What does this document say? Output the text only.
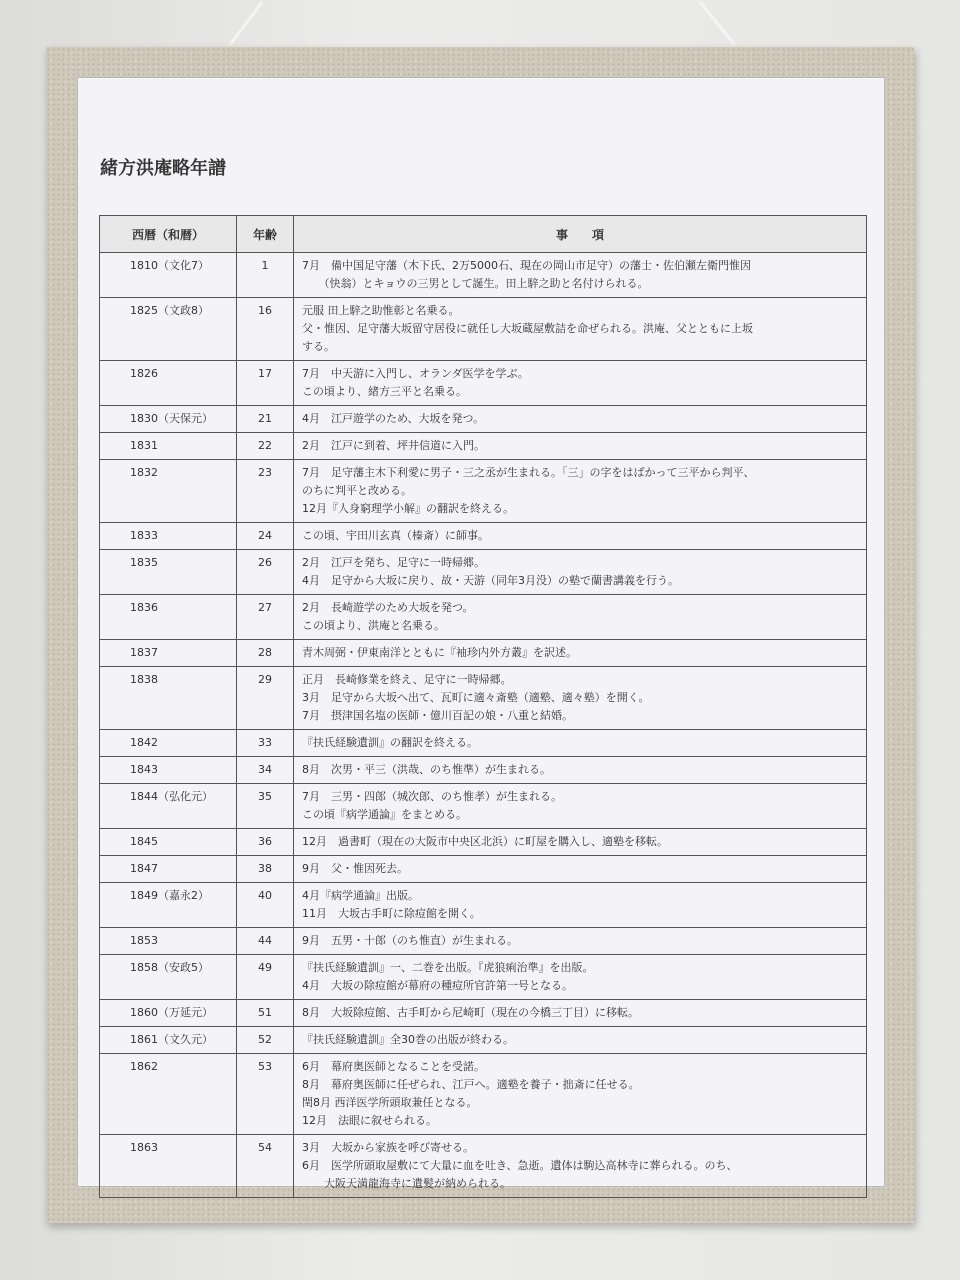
緒方洪庵略年譜
西暦（和暦）	年齢	事　　項
1810（文化7）	1	7月　備中国足守藩（木下氏、2万5000石、現在の岡山市足守）の藩士・佐伯瀬左衛門惟因
　　（快翁）とキョウの三男として誕生。田上騂之助と名付けられる。

1825（文政8）	16	元服 田上騂之助惟彰と名乗る。
父・惟因、足守藩大坂留守居役に就任し大坂蔵屋敷詰を命ぜられる。洪庵、父とともに上坂
する。

1826	17	7月　中天游に入門し、オランダ医学を学ぶ。
この頃より、緒方三平と名乗る。

1830（天保元）	21	4月　江戸遊学のため、大坂を発つ。

1831	22	2月　江戸に到着、坪井信道に入門。

1832	23	7月　足守藩主木下利愛に男子・三之丞が生まれる。「三」の字をはばかって三平から判平、
のちに判平と改める。
12月『人身窮理学小解』の翻訳を終える。

1833	24	この頃、宇田川玄真（榛斎）に師事。

1835	26	2月　江戸を発ち、足守に一時帰郷。
4月　足守から大坂に戻り、故・天游（同年3月没）の塾で蘭書講義を行う。

1836	27	2月　長崎遊学のため大坂を発つ。
この頃より、洪庵と名乗る。

1837	28	青木周弼・伊東南洋とともに『袖珍内外方叢』を訳述。

1838	29	正月　長崎修業を終え、足守に一時帰郷。
3月　足守から大坂へ出て、瓦町に適々斎塾（適塾、適々塾）を開く。
7月　摂津国名塩の医師・億川百記の娘・八重と結婚。

1842	33	『扶氏経験遺訓』の翻訳を終える。

1843	34	8月　次男・平三（洪哉、のち惟準）が生まれる。

1844（弘化元）	35	7月　三男・四郎（城次郎、のち惟孝）が生まれる。
この頃『病学通論』をまとめる。

1845	36	12月　過書町（現在の大阪市中央区北浜）に町屋を購入し、適塾を移転。

1847	38	9月　父・惟因死去。

1849（嘉永2）	40	4月『病学通論』出版。
11月　大坂古手町に除痘館を開く。

1853	44	9月　五男・十郎（のち惟直）が生まれる。

1858（安政5）	49	『扶氏経験遺訓』一、二巻を出版。『虎狼痢治準』を出版。
4月　大坂の除痘館が幕府の種痘所官許第一号となる。

1860（万延元）	51	8月　大坂除痘館、古手町から尼崎町（現在の今橋三丁目）に移転。

1861（文久元）	52	『扶氏経験遺訓』全30巻の出版が終わる。

1862	53	6月　幕府奥医師となることを受諾。
8月　幕府奥医師に任ぜられ、江戸へ。適塾を養子・拙斎に任せる。
閏8月 西洋医学所頭取兼任となる。
12月　法眼に叙せられる。

1863	54	3月　大坂から家族を呼び寄せる。
6月　医学所頭取屋敷にて大量に血を吐き、急逝。遺体は駒込高林寺に葬られる。のち、
　　大阪天満龍海寺に遺髪が納められる。
